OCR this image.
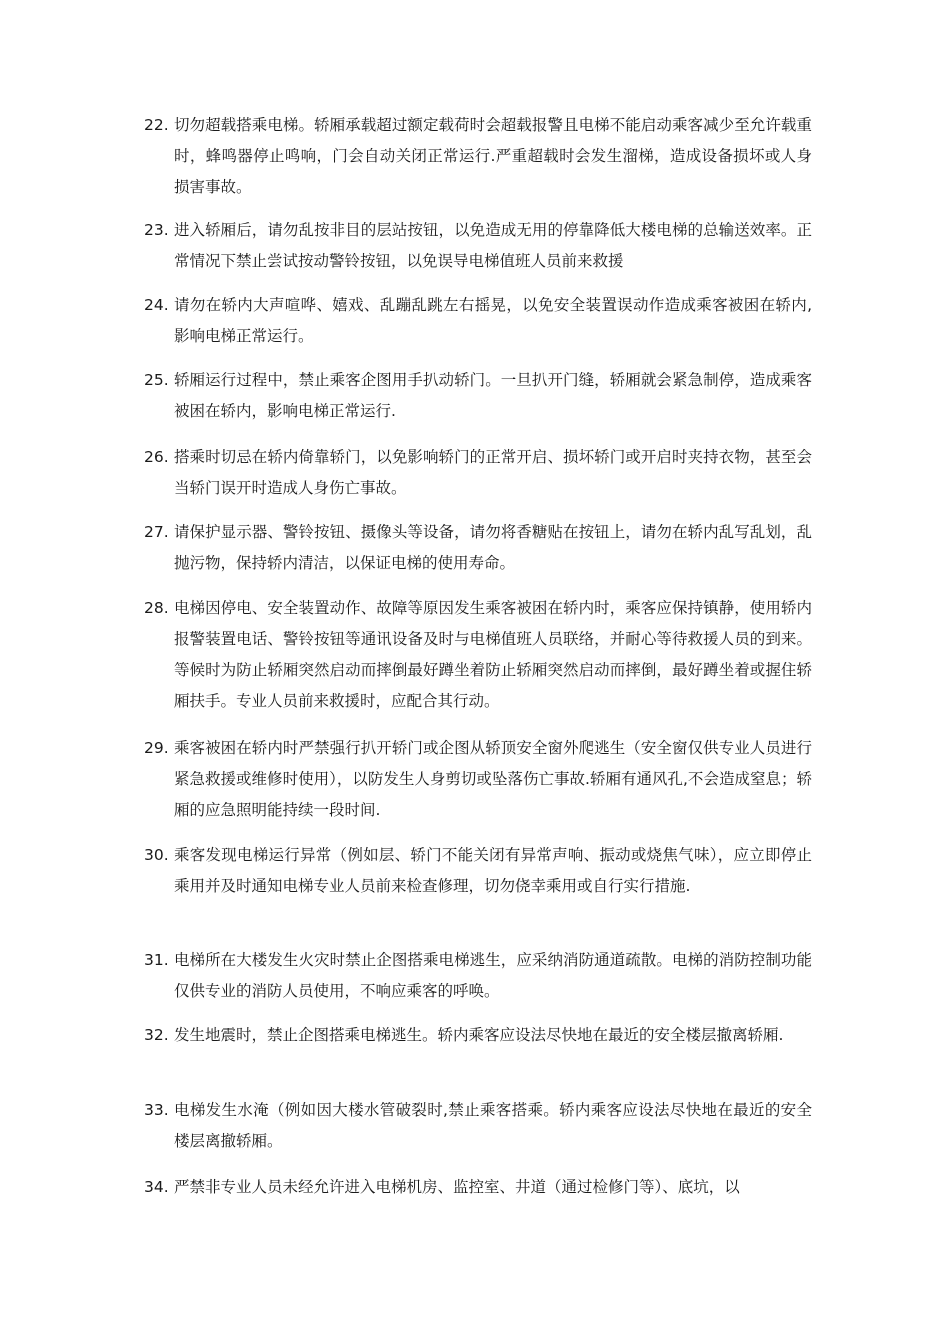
22. 切勿超载搭乘电梯。轿厢承载超过额定载荷时会超载报警且电梯不能启动乘客减少至允许载重时，蜂鸣器停止鸣响，门会自动关闭正常运行.严重超载时会发生溜梯，造成设备损坏或人身损害事故。
23. 进入轿厢后，请勿乱按非目的层站按钮，以免造成无用的停靠降低大楼电梯的总输送效率。正常情况下禁止尝试按动警铃按钮，以免误导电梯值班人员前来救援
24. 请勿在轿内大声喧哗、嬉戏、乱蹦乱跳左右摇晃，以免安全装置误动作造成乘客被困在轿内,影响电梯正常运行。
25. 轿厢运行过程中，禁止乘客企图用手扒动轿门。一旦扒开门缝，轿厢就会紧急制停，造成乘客被困在轿内，影响电梯正常运行.
26. 搭乘时切忌在轿内倚靠轿门，以免影响轿门的正常开启、损坏轿门或开启时夹持衣物，甚至会当轿门误开时造成人身伤亡事故。
27. 请保护显示器、警铃按钮、摄像头等设备，请勿将香糖贴在按钮上，请勿在轿内乱写乱划，乱抛污物，保持轿内清洁，以保证电梯的使用寿命。
28. 电梯因停电、安全装置动作、故障等原因发生乘客被困在轿内时，乘客应保持镇静，使用轿内报警装置电话、警铃按钮等通讯设备及时与电梯值班人员联络，并耐心等待救援人员的到来。等候时为防止轿厢突然启动而摔倒最好蹲坐着防止轿厢突然启动而摔倒，最好蹲坐着或握住轿厢扶手。专业人员前来救援时，应配合其行动。
29. 乘客被困在轿内时严禁强行扒开轿门或企图从轿顶安全窗外爬逃生（安全窗仅供专业人员进行紧急救援或维修时使用），以防发生人身剪切或坠落伤亡事故.轿厢有通风孔,不会造成窒息；轿厢的应急照明能持续一段时间.
30. 乘客发现电梯运行异常（例如层、轿门不能关闭有异常声响、振动或烧焦气味），应立即停止乘用并及时通知电梯专业人员前来检查修理，切勿侥幸乘用或自行实行措施.
31. 电梯所在大楼发生火灾时禁止企图搭乘电梯逃生，应采纳消防通道疏散。电梯的消防控制功能仅供专业的消防人员使用，不响应乘客的呼唤。
32. 发生地震时，禁止企图搭乘电梯逃生。轿内乘客应设法尽快地在最近的安全楼层撤离轿厢.
33. 电梯发生水淹（例如因大楼水管破裂时,禁止乘客搭乘。轿内乘客应设法尽快地在最近的安全楼层离撤轿厢。
34. 严禁非专业人员未经允许进入电梯机房、监控室、井道（通过检修门等）、底坑，以
